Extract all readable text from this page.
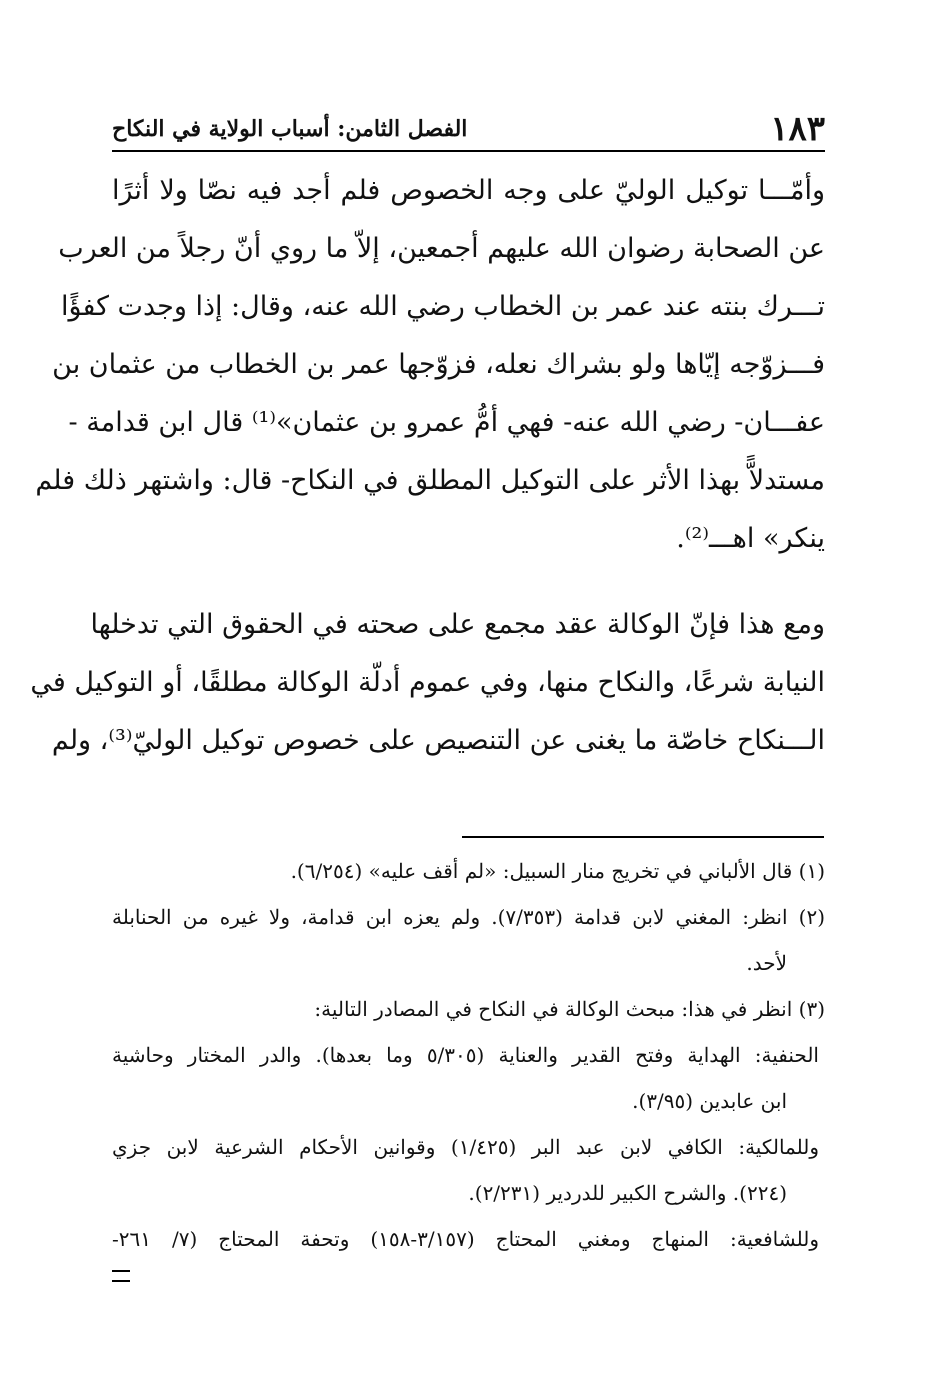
١٨٣
الفصل الثامن: أسباب الولاية في النكاح
وأمّـــا توكيل الوليّ على وجه الخصوص فلم أجد فيه نصّا ولا أثرًا
عن الصحابة رضوان الله عليهم أجمعين، إلاّ ما روي أنّ رجلاً من العرب
تـــرك بنته عند عمر بن الخطاب رضي الله عنه، وقال: إذا وجدت كفؤًا
فـــزوّجه إيّاها ولو بشراك نعله، فزوّجها عمر بن الخطاب من عثمان بن
عفـــان- رضي الله عنه- فهي أمُّ عمرو بن عثمان»⁽¹⁾ قال ابن قدامة -
مستدلاًّ بهذا الأثر على التوكيل المطلق في النكاح- قال: واشتهر ذلك فلم
ينكر» اهـــ⁽²⁾.
ومع هذا فإنّ الوكالة عقد مجمع على صحته في الحقوق التي تدخلها
النيابة شرعًا، والنكاح منها، وفي عموم أدلّة الوكالة مطلقًا، أو التوكيل في
الـــنكاح خاصّة ما يغنى عن التنصيص على خصوص توكيل الوليّ⁽³⁾، ولم
(١) قال الألباني في تخريج منار السبيل: «لم أقف عليه» (٦/٢٥٤).
(٢) انظر: المغني لابن قدامة (٧/٣٥٣). ولم يعزه ابن قدامة، ولا غيره من الحنابلة
لأحد.
(٣) انظر في هذا: مبحث الوكالة في النكاح في المصادر التالية:
الحنفية: الهداية وفتح القدير والعناية (٥/٣٠٥ وما بعدها). والدر المختار وحاشية
ابن عابدين (٣/٩٥).
وللمالكية: الكافي لابن عبد البر (١/٤٢٥) وقوانين الأحكام الشرعية لابن جزي
(٢٢٤). والشرح الكبير للدردير (٢/٢٣١).
وللشافعية: المنهاج ومغني المحتاج (٣/١٥٧-١٥٨) وتحفة المحتاج (٧/ ٢٦١-
